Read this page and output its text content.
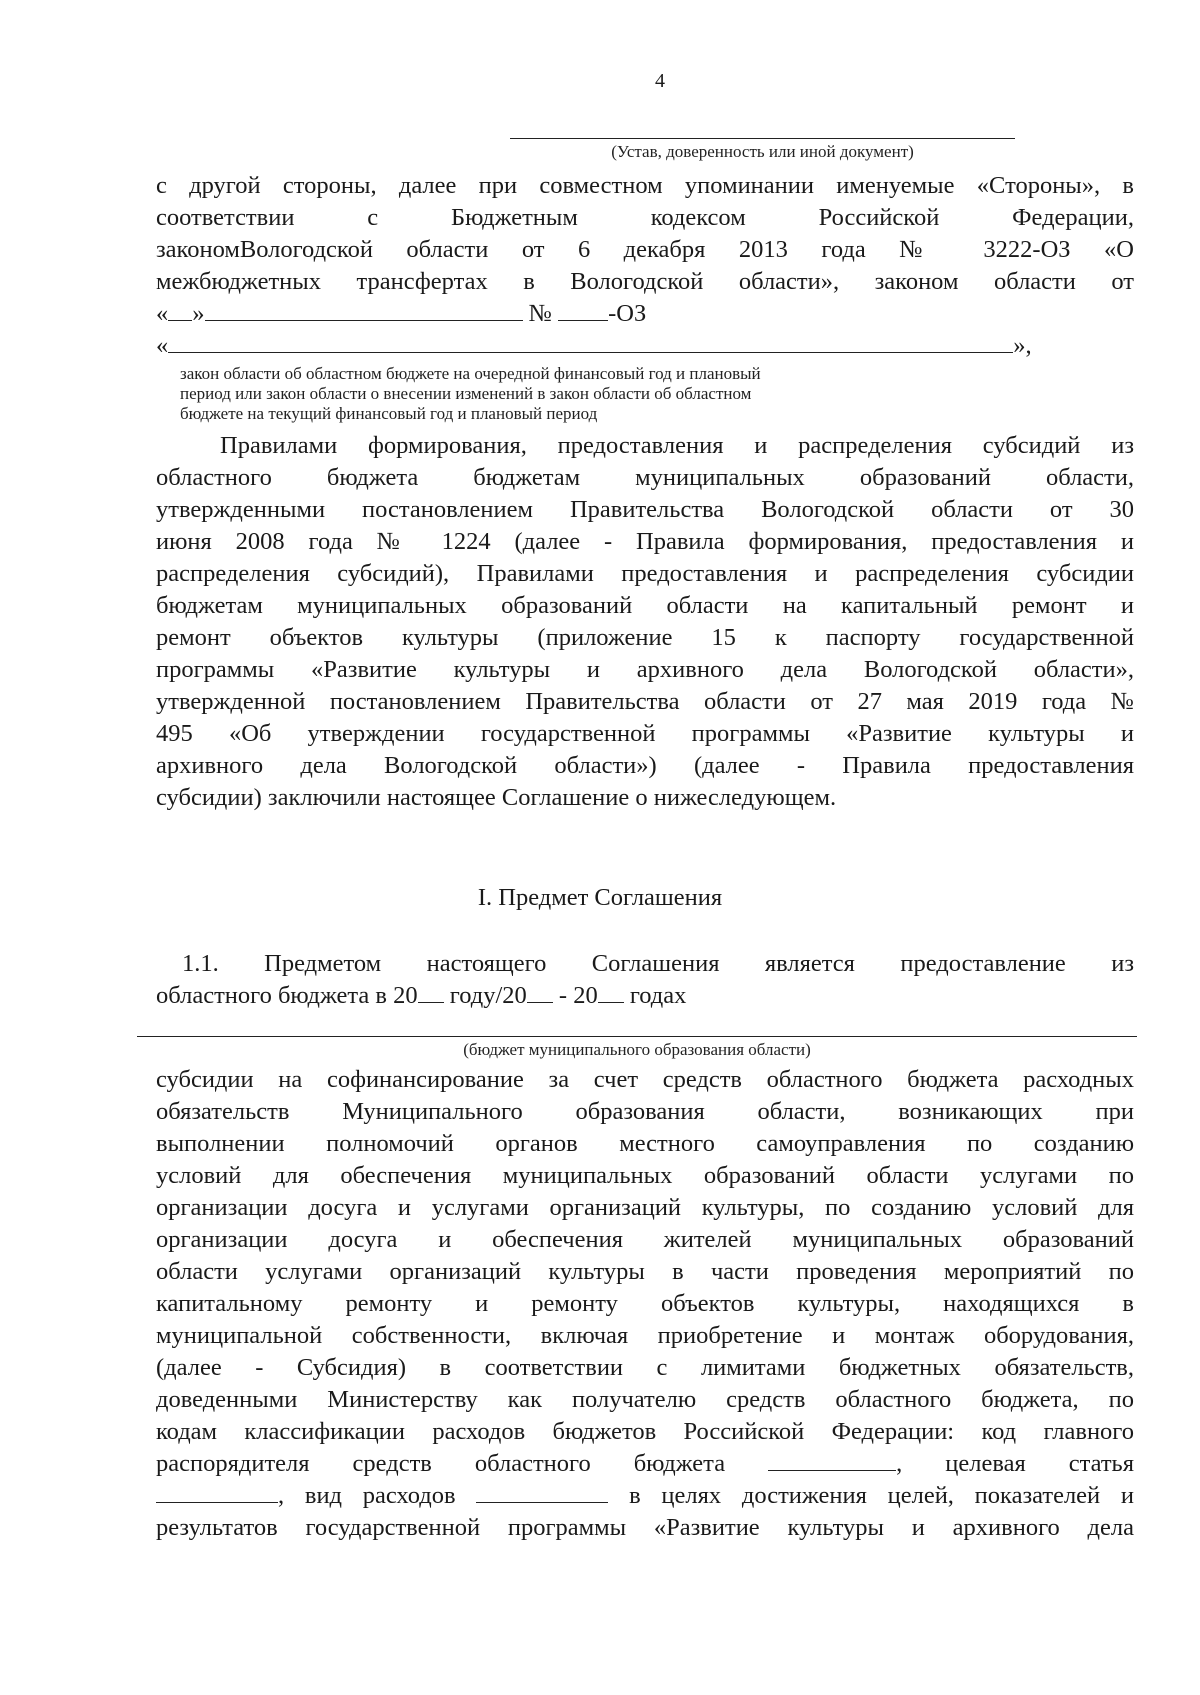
4
(Устав, доверенность или иной документ)
с другой стороны, далее при совместном упоминании именуемые «Стороны», в
соответствии с Бюджетным кодексом Российской Федерации,
закономВологодской области от 6 декабря 2013 года № 3222-ОЗ «О
межбюджетных трансфертах в Вологодской области», законом области от
« »	№ -ОЗ
«	»,
закон области об областном бюджете на очередной финансовый год и плановый
период или закон области о внесении изменений в закон области об областном
бюджете на текущий финансовый год и плановый период
Правилами формирования, предоставления и распределения субсидий из
областного бюджета бюджетам муниципальных образований области,
утвержденными постановлением Правительства Вологодской области от 30
июня 2008 года № 1224 (далее - Правила формирования, предоставления и
распределения субсидий), Правилами предоставления и распределения субсидии
бюджетам муниципальных образований области на капитальный ремонт и
ремонт объектов культуры (приложение 15 к паспорту государственной
программы «Развитие культуры и архивного дела Вологодской области»,
утвержденной постановлением Правительства области от 27 мая 2019 года №
495 «Об утверждении государственной программы «Развитие культуры и
архивного дела Вологодской области») (далее - Правила предоставления
субсидии) заключили настоящее Соглашение о нижеследующем.
I. Предмет Соглашения
1.1. Предметом настоящего Соглашения является предоставление из
областного бюджета в 20 году/20 - 20 годах
(бюджет муниципального образования области)
субсидии на софинансирование за счет средств областного бюджета расходных
обязательств Муниципального образования области, возникающих при
выполнении полномочий органов местного самоуправления по созданию
условий для обеспечения муниципальных образований области услугами по
организации досуга и услугами организаций культуры, по созданию условий для
организации досуга и обеспечения жителей муниципальных образований
области услугами организаций культуры в части проведения мероприятий по
капитальному ремонту и ремонту объектов культуры, находящихся в
муниципальной собственности, включая приобретение и монтаж оборудования,
(далее - Субсидия) в соответствии с лимитами бюджетных обязательств,
доведенными Министерству как получателю средств областного бюджета, по
кодам классификации расходов бюджетов Российской Федерации: код главного
распорядителя средств областного бюджета	, целевая статья
, вид расходов	в целях достижения целей, показателей и
результатов государственной программы «Развитие культуры и архивного дела
